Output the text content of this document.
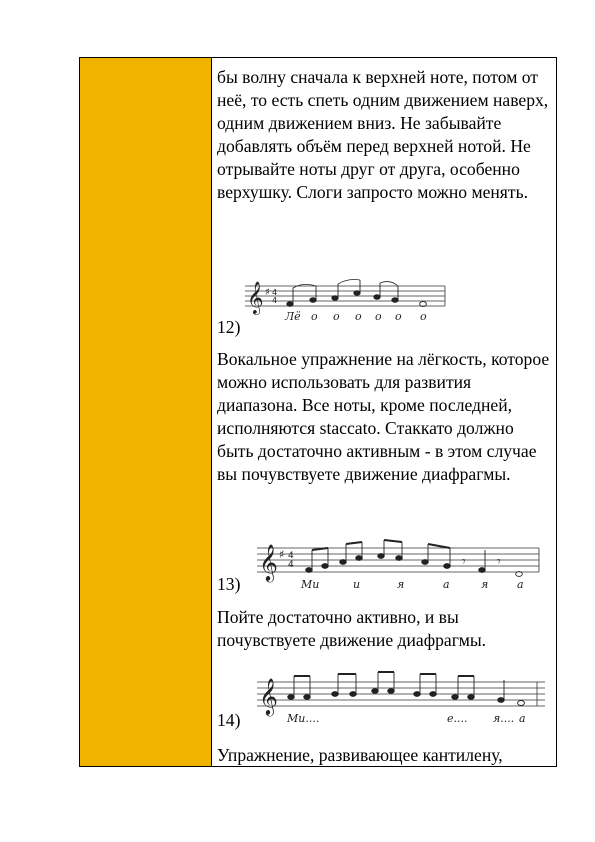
бы волну сначала к верхней ноте, потом от неё, то есть спеть одним движением наверх, одним движением вниз. Не забывайте добавлять объём перед верхней нотой. Не отрывайте ноты друг от друга, особенно верхушку. Слоги запросто можно менять.

𝄞 ♯ 4
4
Лё о о о о о о
12)

Вокальное упражнение на лёгкость, которое можно использовать для развития диапазона. Все ноты, кроме последней, исполняются staccato. Стаккато должно быть достаточно активным - в этом случае вы почувствуете движение диафрагмы.

𝄞 ♯ 4
4	𝄾 𝄾
Ми	и	я	а	я	а
13)

Пойте достаточно активно, и вы почувствуете движение диафрагмы.

𝄞
Ми....	е.... я.... а
14)

Упражнение, развивающее кантилену,
